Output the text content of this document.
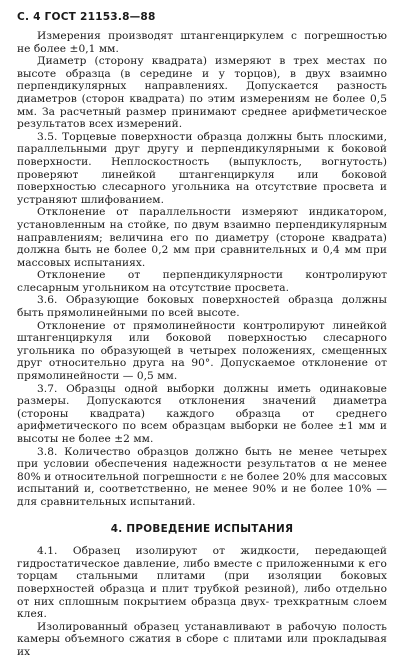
С. 4 ГОСТ 21153.8—88

Измерения производят штангенциркулем с погрешностью не более ±0,1 мм.

Диаметр (сторону квадрата) измеряют в трех местах по высоте образца (в середине и у торцов), в двух взаимно перпендикулярных направлениях. Допускается разность диаметров (сторон квадрата) по этим измерениям не более 0,5 мм. За расчетный размер принимают среднее арифметическое результатов всех измерений.

3.5. Торцевые поверхности образца должны быть плоскими, параллельными друг другу и перпендикулярными к боковой поверхности. Неплоскостность (выпуклость, вогнутость) проверяют линейкой штангенциркуля или боковой поверхностью слесарного угольника на отсутствие просвета и устраняют шлифованием.

Отклонение от параллельности измеряют индикатором, установленным на стойке, по двум взаимно перпендикулярным направлениям; величина его по диаметру (стороне квадрата) должна быть не более 0,2 мм при сравнительных и 0,4 мм при массовых испытаниях.

Отклонение от перпендикулярности контролируют слесарным угольником на отсутствие просвета.

3.6. Образующие боковых поверхностей образца должны быть прямолинейными по всей высоте.

Отклонение от прямолинейности контролируют линейкой штангенциркуля или боковой поверхностью слесарного угольника по образующей в четырех положениях, смещенных друг относительно друга на 90°. Допускаемое отклонение от прямолинейности — 0,5 мм.

3.7. Образцы одной выборки должны иметь одинаковые размеры. Допускаются отклонения значений диаметра (стороны квадрата) каждого образца от среднего арифметического по всем образцам выборки не более ±1 мм и высоты не более ±2 мм.

3.8. Количество образцов должно быть не менее четырех при условии обеспечения надежности результатов α не менее 80% и относительной погрешности ε не более 20% для массовых испытаний и, соответственно, не менее 90% и не более 10% — для сравнительных испытаний.

4. ПРОВЕДЕНИЕ ИСПЫТАНИЯ

4.1. Образец изолируют от жидкости, передающей гидростатическое давление, либо вместе с приложенными к его торцам стальными плитами (при изоляции боковых поверхностей образца и плит трубкой резиной), либо отдельно от них сплошным покрытием образца двух- трехкратным слоем клея.

Изолированный образец устанавливают в рабочую полость камеры объемного сжатия в сборе с плитами или прокладывая их
